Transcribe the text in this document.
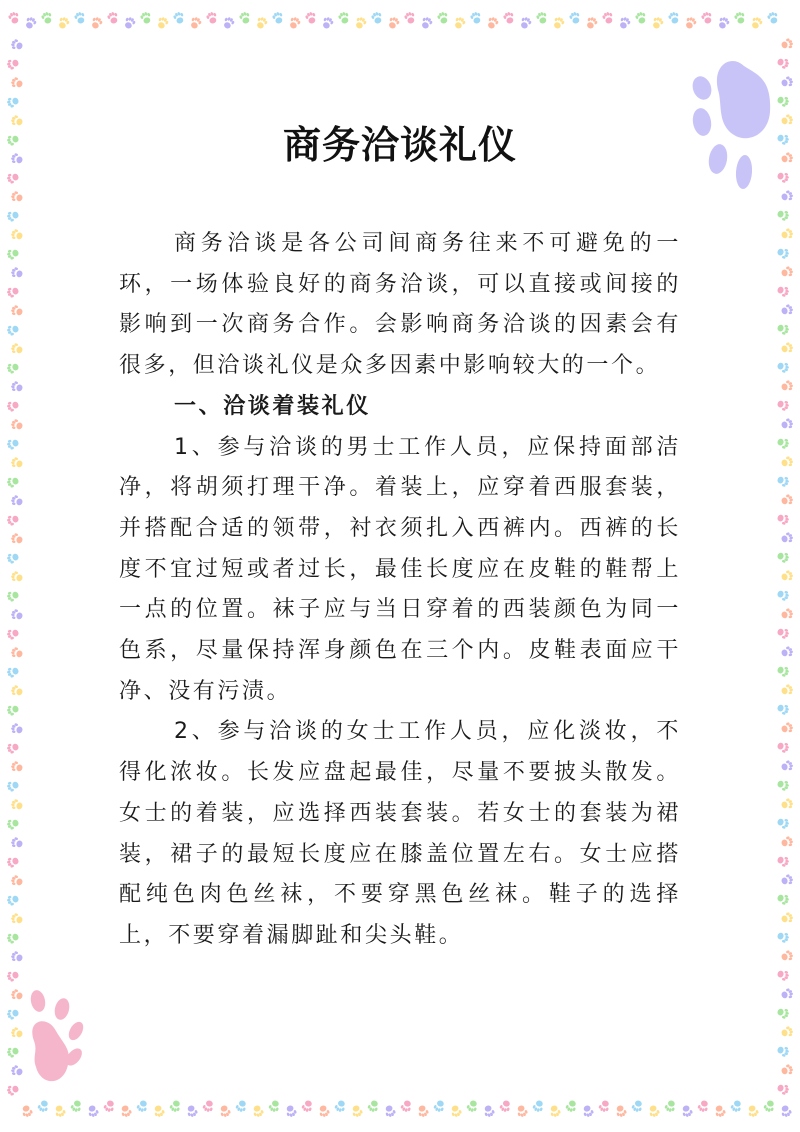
商务洽谈礼仪

商务洽谈是各公司间商务往来不可避免的一环，一场体验良好的商务洽谈，可以直接或间接的影响到一次商务合作。会影响商务洽谈的因素会有很多，但洽谈礼仪是众多因素中影响较大的一个。

一、洽谈着装礼仪

1、参与洽谈的男士工作人员，应保持面部洁净，将胡须打理干净。着装上，应穿着西服套装，并搭配合适的领带，衬衣须扎入西裤内。西裤的长度不宜过短或者过长，最佳长度应在皮鞋的鞋帮上一点的位置。袜子应与当日穿着的西装颜色为同一色系，尽量保持浑身颜色在三个内。皮鞋表面应干净、没有污渍。

2、参与洽谈的女士工作人员，应化淡妆，不得化浓妆。长发应盘起最佳，尽量不要披头散发。女士的着装，应选择西装套装。若女士的套装为裙装，裙子的最短长度应在膝盖位置左右。女士应搭配纯色肉色丝袜，不要穿黑色丝袜。鞋子的选择上，不要穿着漏脚趾和尖头鞋。
